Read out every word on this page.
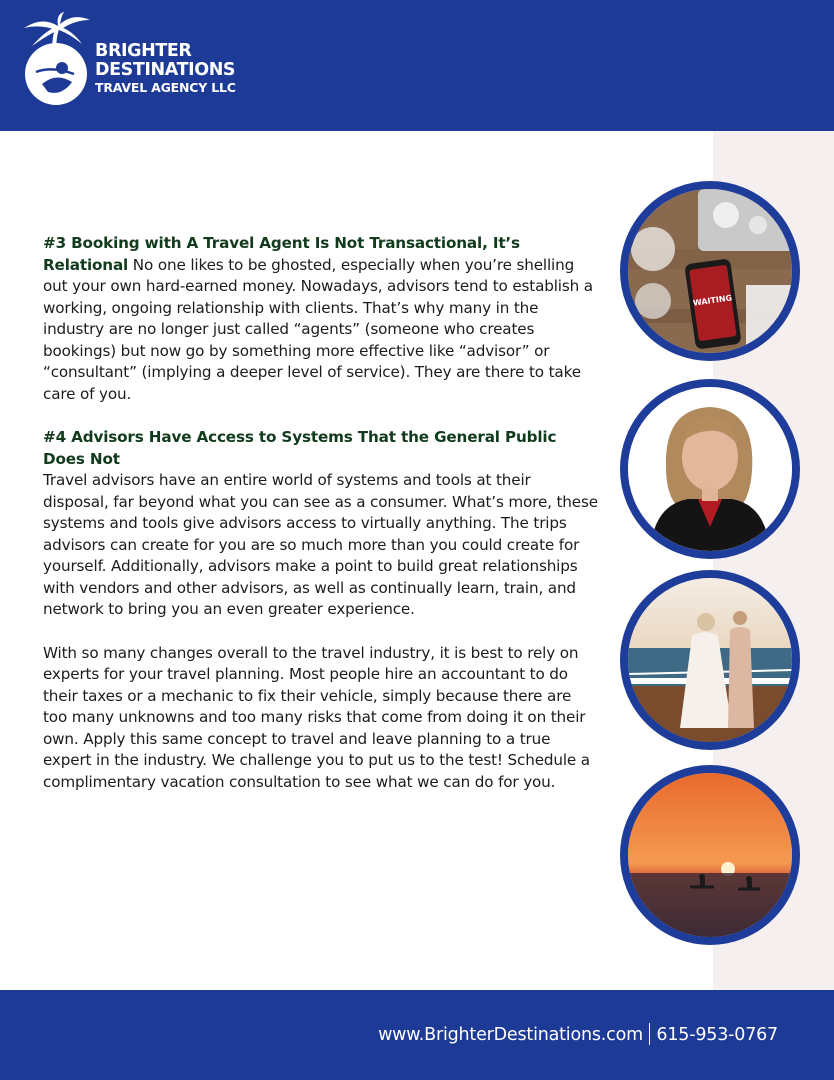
BRIGHTER
DESTINATIONS
TRAVEL AGENCY LLC
WAITING

#3 Booking with A Travel Agent Is Not Transactional, It’s Relational No one likes to be ghosted, especially when you’re shelling out your own hard-earned money. Nowadays, advisors tend to establish a working, ongoing relationship with clients. That’s why many in the industry are no longer just called “agents” (someone who creates bookings) but now go by something more effective like “advisor” or “consultant” (implying a deeper level of service). They are there to take care of you.

#4 Advisors Have Access to Systems That the General Public Does Not
Travel advisors have an entire world of systems and tools at their disposal, far beyond what you can see as a consumer. What’s more, these systems and tools give advisors access to virtually anything. The trips advisors can create for you are so much more than you could create for yourself. Additionally, advisors make a point to build great relationships with vendors and other advisors, as well as continually learn, train, and network to bring you an even greater experience.

With so many changes overall to the travel industry, it is best to rely on experts for your travel planning. Most people hire an accountant to do their taxes or a mechanic to fix their vehicle, simply because there are too many unknowns and too many risks that come from doing it on their own. Apply this same concept to travel and leave planning to a true expert in the industry. We challenge you to put us to the test! Schedule a complimentary vacation consultation to see what we can do for you.

www.BrighterDestinations.com 615-953-0767
